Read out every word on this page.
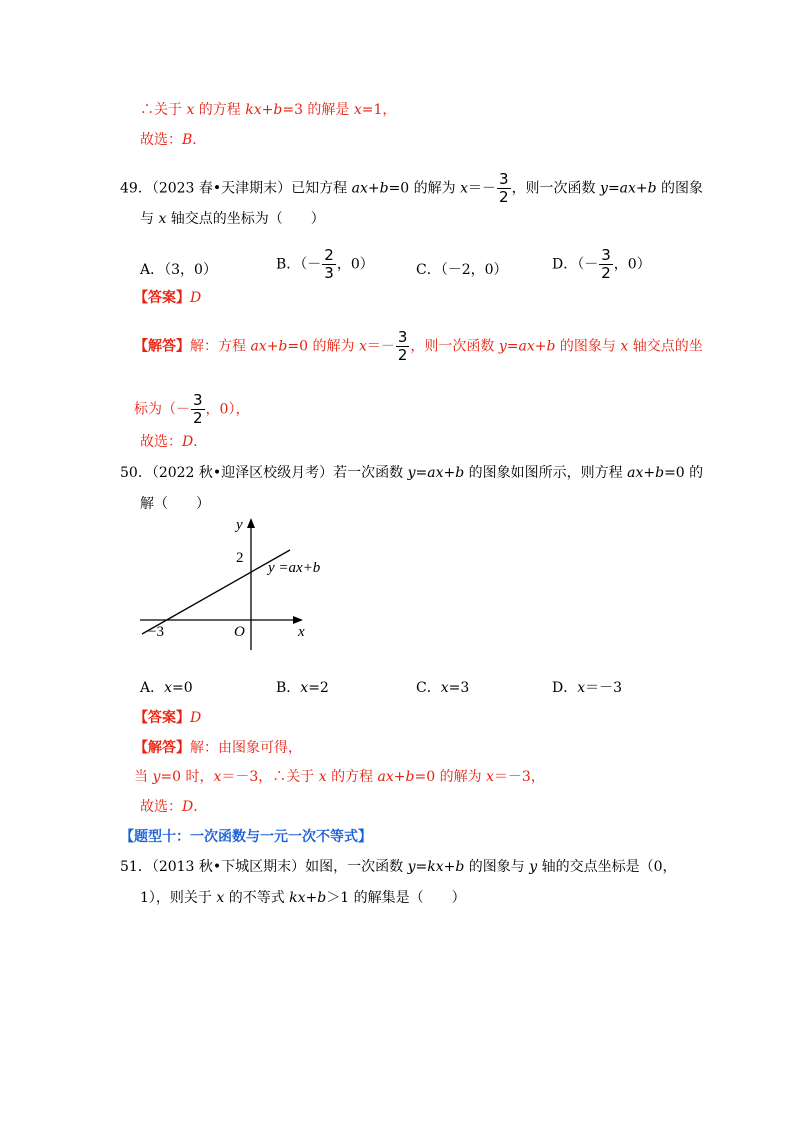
∴关于 x 的方程 kx+b=3 的解是 x=1，
故选：B．
49．（2023 春•天津期末）已知方程 ax+b=0 的解为 $x=- \frac{3}{2}$ ，则一次函数 y=ax+b 的图象
与 x 轴交点的坐标为（　　）
A．（3，0）	B．（－ $\frac{2}{3}$ ，0）	C．（－2，0）	D．（－ $\frac{3}{2}$ ，0）
【答案】D
【解答】解：方程 ax+b=0 的解为 $x=- \frac{3}{2}$ ，则一次函数 y=ax+b 的图象与 x 轴交点的坐
标为（－ $\frac{3}{2}$ ，0），
故选：D．
50．（2022 秋•迎泽区校级月考）若一次函数 y=ax+b 的图象如图所示，则方程 ax+b=0 的
解（　　）
y
x
O
2
−3
y =ax+b
A．x=0	B．x=2	C．x=3	D．x＝－3
【答案】D
【解答】解：由图象可得，
当 y=0 时，x＝－3，∴关于 x 的方程 ax+b=0 的解为 x＝－3，
故选：D．
【题型十：一次函数与一元一次不等式】
51．（2013 秋•下城区期末）如图，一次函数 y=kx+b 的图象与 y 轴的交点坐标是（0，
1），则关于 x 的不等式 kx+b＞1 的解集是（　　）
